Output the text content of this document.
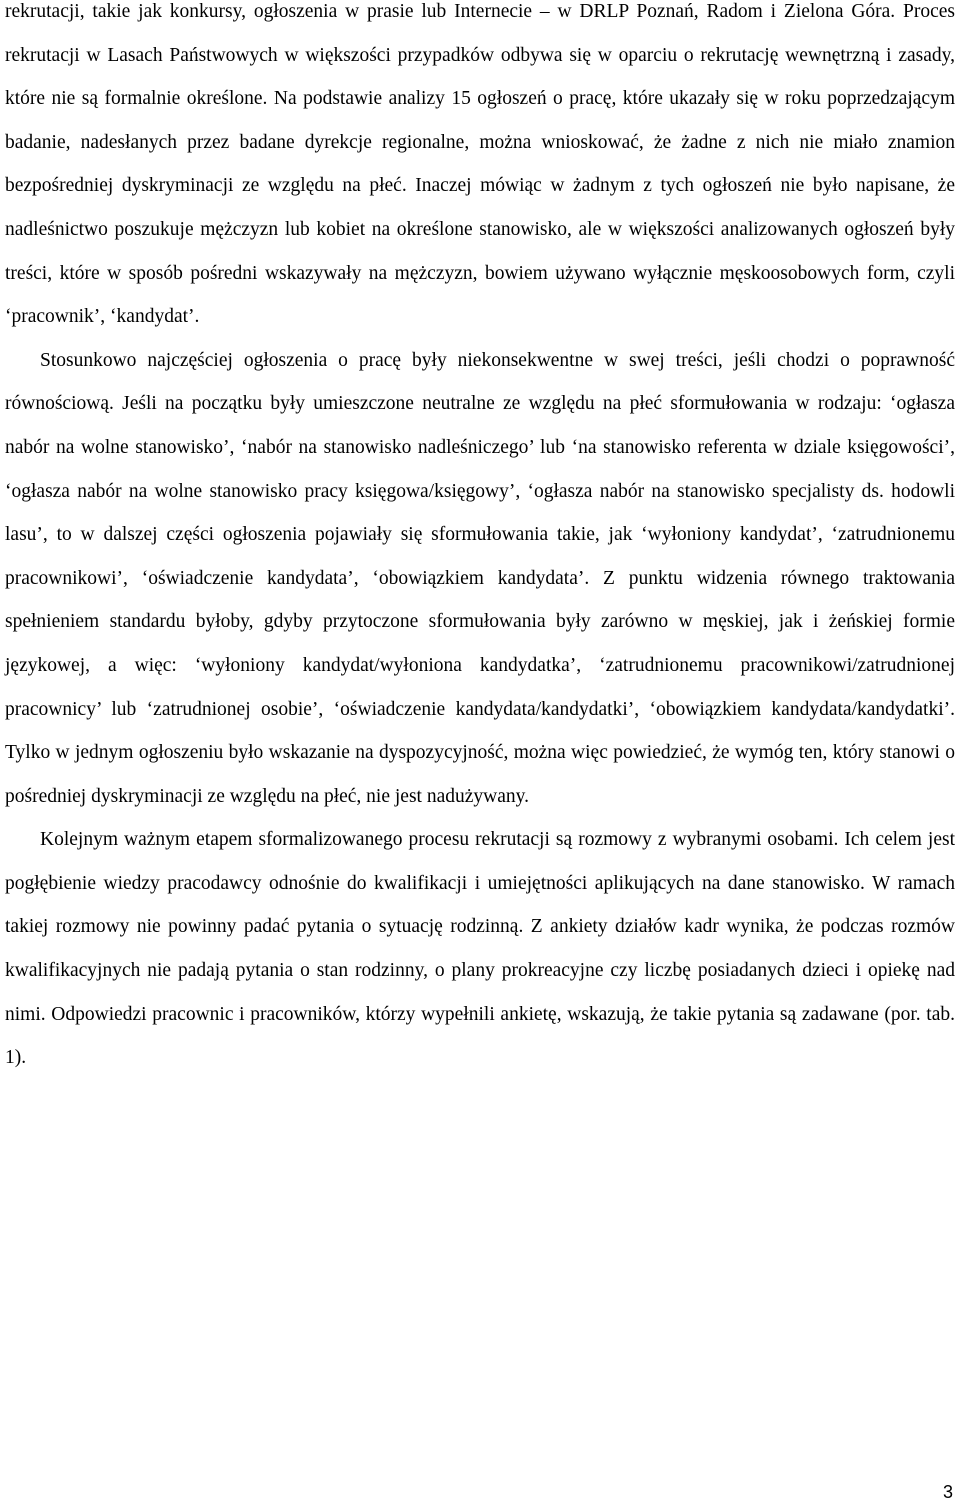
rekrutacji, takie jak konkursy, ogłoszenia w prasie lub Internecie – w DRLP Poznań, Radom i Zielona Góra. Proces rekrutacji w Lasach Państwowych w większości przypadków odbywa się w oparciu o rekrutację wewnętrzną i zasady, które nie są formalnie określone. Na podstawie analizy 15 ogłoszeń o pracę, które ukazały się w roku poprzedzającym badanie, nadesłanych przez badane dyrekcje regionalne, można wnioskować, że żadne z nich nie miało znamion bezpośredniej dyskryminacji ze względu na płeć. Inaczej mówiąc w żadnym z tych ogłoszeń nie było napisane, że nadleśnictwo poszukuje mężczyzn lub kobiet na określone stanowisko, ale w większości analizowanych ogłoszeń były treści, które w sposób pośredni wskazywały na mężczyzn, bowiem używano wyłącznie męskoosobowych form, czyli ‘pracownik’, ‘kandydat’.

Stosunkowo najczęściej ogłoszenia o pracę były niekonsekwentne w swej treści, jeśli chodzi o poprawność równościową. Jeśli na początku były umieszczone neutralne ze względu na płeć sformułowania w rodzaju: ‘ogłasza nabór na wolne stanowisko’, ‘nabór na stanowisko nadleśniczego’ lub ‘na stanowisko referenta w dziale księgowości’, ‘ogłasza nabór na wolne stanowisko pracy księgowa/księgowy’, ‘ogłasza nabór na stanowisko specjalisty ds. hodowli lasu’, to w dalszej części ogłoszenia pojawiały się sformułowania takie, jak ‘wyłoniony kandydat’, ‘zatrudnionemu pracownikowi’, ‘oświadczenie kandydata’, ‘obowiązkiem kandydata’. Z punktu widzenia równego traktowania spełnieniem standardu byłoby, gdyby przytoczone sformułowania były zarówno w męskiej, jak i żeńskiej formie językowej, a więc: ‘wyłoniony kandydat/wyłoniona kandydatka’, ‘zatrudnionemu pracownikowi/zatrudnionej pracownicy’ lub ‘zatrudnionej osobie’, ‘oświadczenie kandydata/kandydatki’, ‘obowiązkiem kandydata/kandydatki’. Tylko w jednym ogłoszeniu było wskazanie na dyspozycyjność, można więc powiedzieć, że wymóg ten, który stanowi o pośredniej dyskryminacji ze względu na płeć, nie jest nadużywany.

Kolejnym ważnym etapem sformalizowanego procesu rekrutacji są rozmowy z wybranymi osobami. Ich celem jest pogłębienie wiedzy pracodawcy odnośnie do kwalifikacji i umiejętności aplikujących na dane stanowisko. W ramach takiej rozmowy nie powinny padać pytania o sytuację rodzinną. Z ankiety działów kadr wynika, że podczas rozmów kwalifikacyjnych nie padają pytania o stan rodzinny, o plany prokreacyjne czy liczbę posiadanych dzieci i opiekę nad nimi. Odpowiedzi pracownic i pracowników, którzy wypełnili ankietę, wskazują, że takie pytania są zadawane (por. tab. 1).

3
